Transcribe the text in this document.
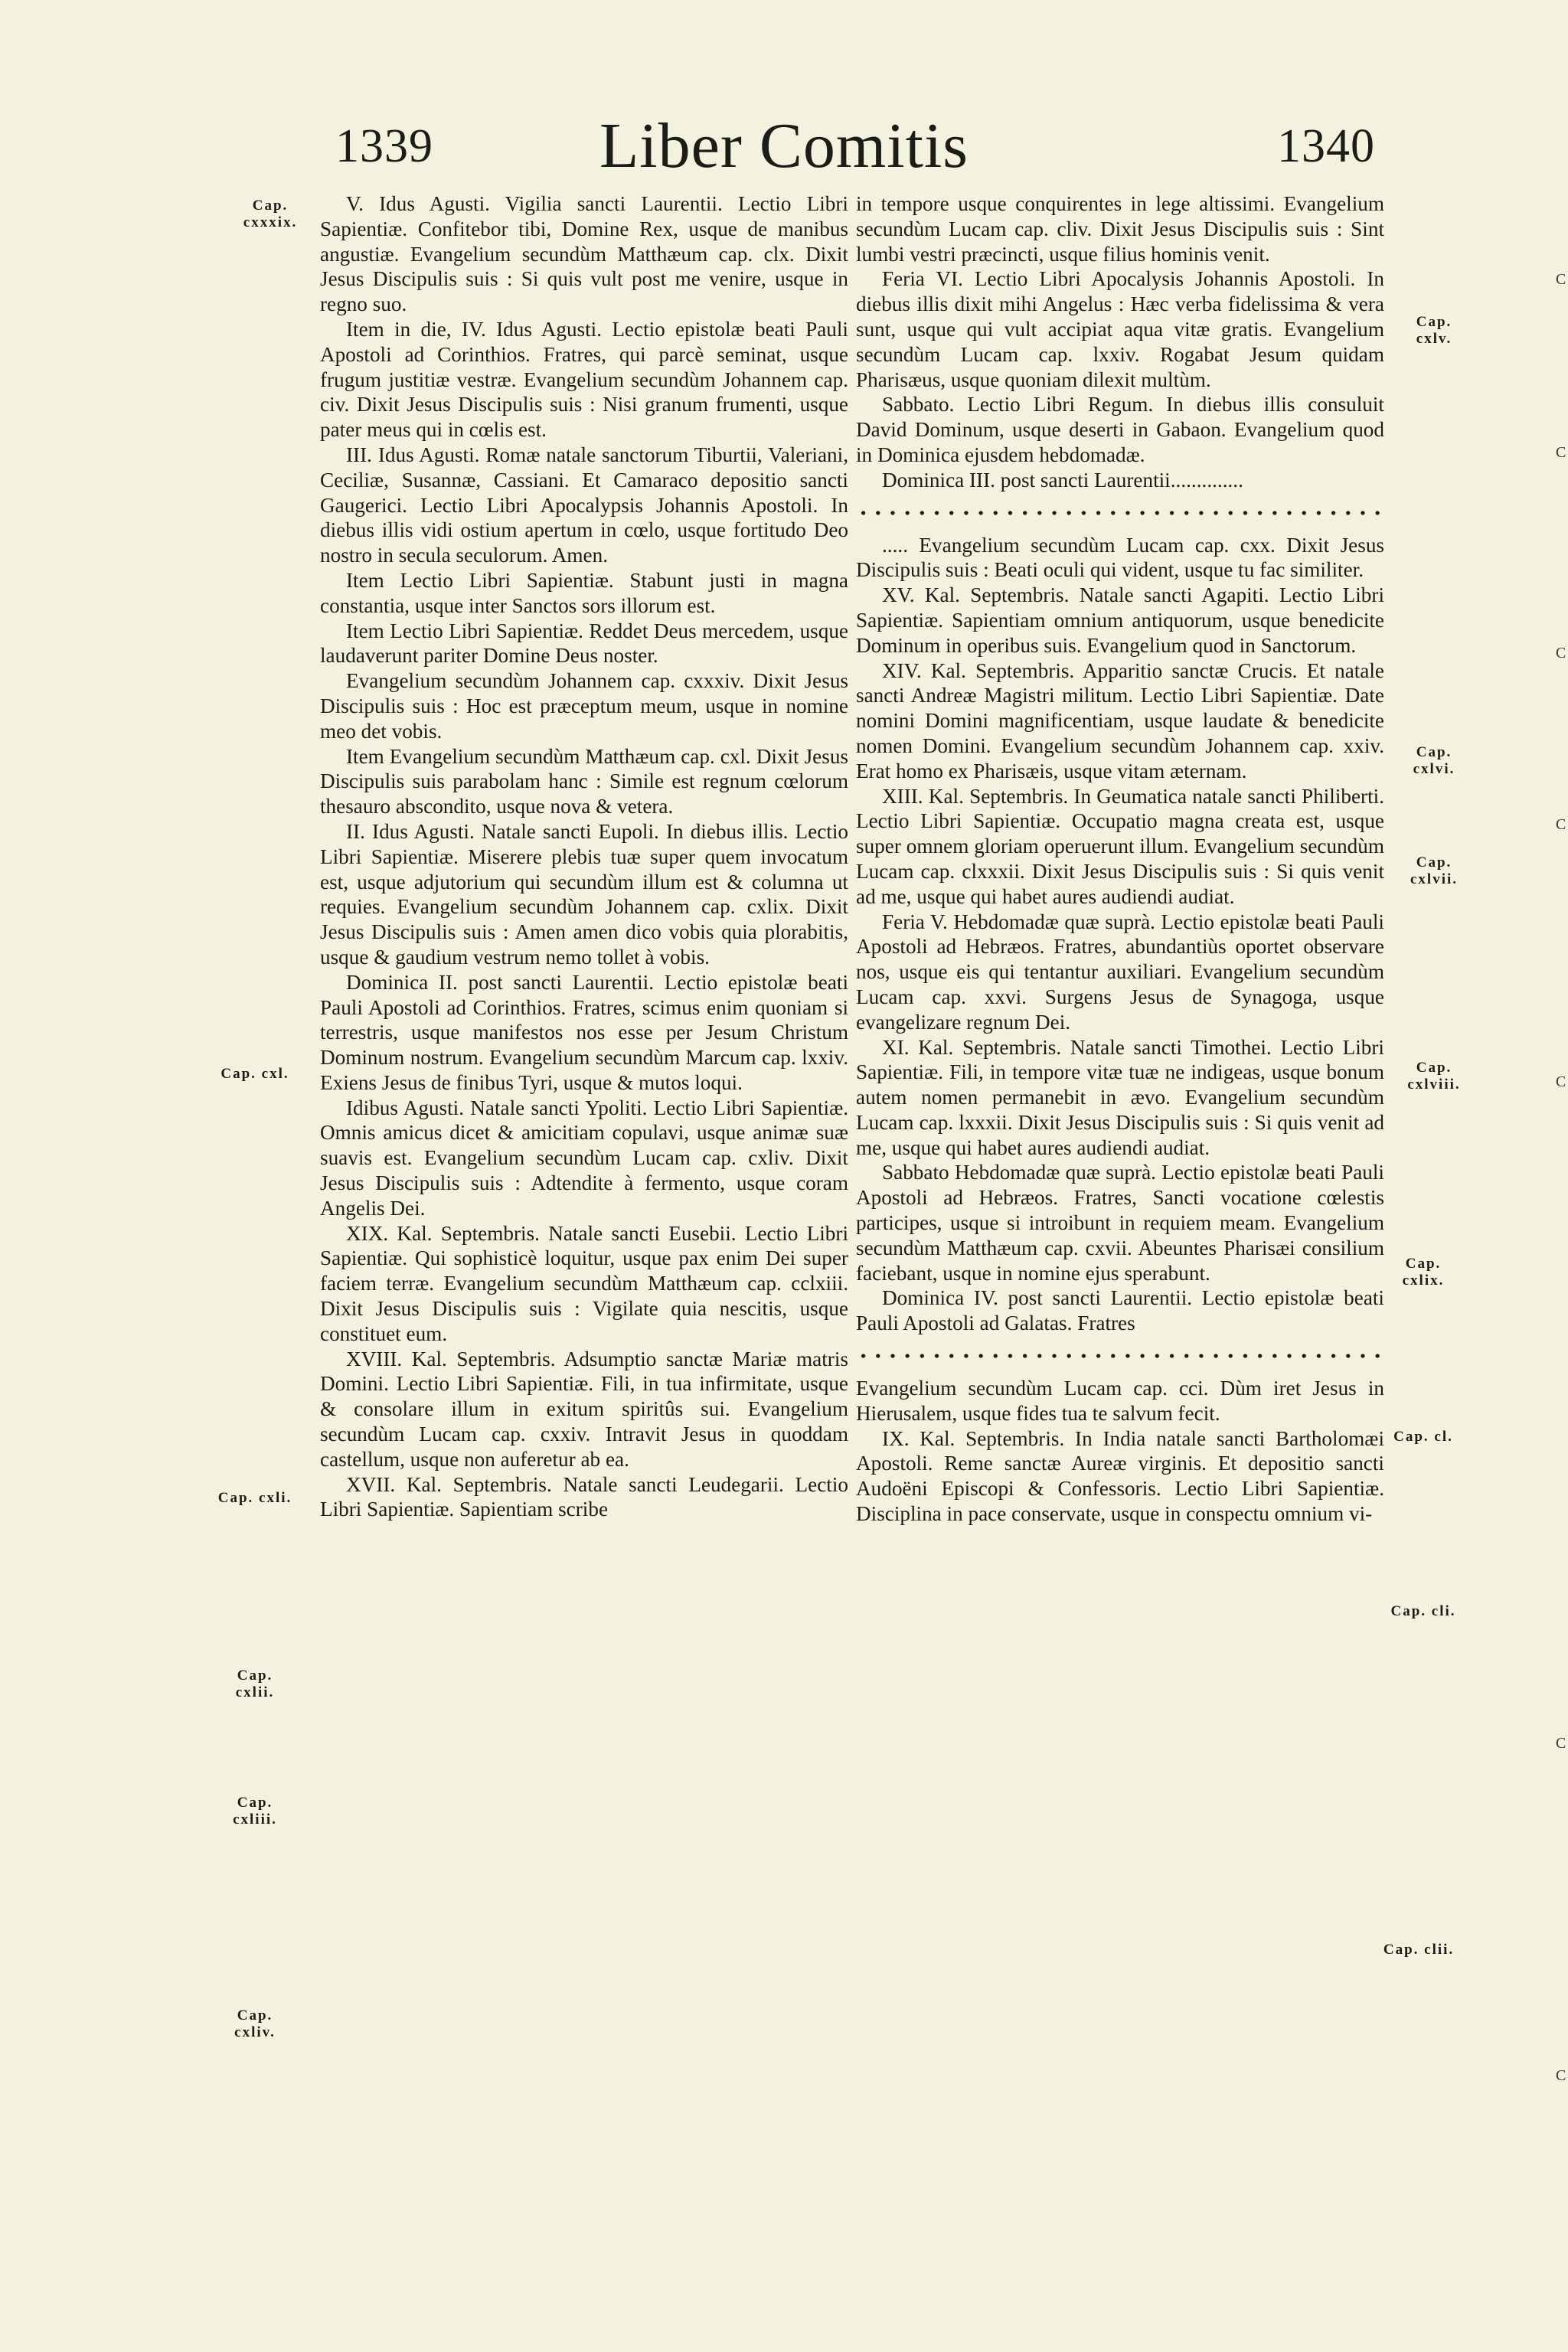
1339	Liber Comitis	1340

V. Idus Agusti. Vigilia sancti Laurentii. Lectio Libri Sapientiæ. Confitebor tibi, Domine Rex, usque de manibus angustiæ. Evangelium secundùm Matthæum cap. clx. Dixit Jesus Discipulis suis : Si quis vult post me venire, usque in regno suo.

Item in die, IV. Idus Agusti. Lectio epistolæ beati Pauli Apostoli ad Corinthios. Fratres, qui parcè seminat, usque frugum justitiæ vestræ. Evangelium secundùm Johannem cap. civ. Dixit Jesus Discipulis suis : Nisi granum frumenti, usque pater meus qui in cœlis est.

III. Idus Agusti. Romæ natale sanctorum Tiburtii, Valeriani, Ceciliæ, Susannæ, Cassiani. Et Camaraco depositio sancti Gaugerici. Lectio Libri Apocalypsis Johannis Apostoli. In diebus illis vidi ostium apertum in cœlo, usque fortitudo Deo nostro in secula seculorum. Amen.

Item Lectio Libri Sapientiæ. Stabunt justi in magna constantia, usque inter Sanctos sors illorum est.

Item Lectio Libri Sapientiæ. Reddet Deus mercedem, usque laudaverunt pariter Domine Deus noster.

Evangelium secundùm Johannem cap. cxxxiv. Dixit Jesus Discipulis suis : Hoc est præceptum meum, usque in nomine meo det vobis.

Item Evangelium secundùm Matthæum cap. cxl. Dixit Jesus Discipulis suis parabolam hanc : Simile est regnum cœlorum thesauro abscondito, usque nova & vetera.

II. Idus Agusti. Natale sancti Eupoli. In diebus illis. Lectio Libri Sapientiæ. Miserere plebis tuæ super quem invocatum est, usque adjutorium qui secundùm illum est & columna ut requies. Evangelium secundùm Johannem cap. cxlix. Dixit Jesus Discipulis suis : Amen amen dico vobis quia plorabitis, usque & gaudium vestrum nemo tollet à vobis.

Dominica II. post sancti Laurentii. Lectio epistolæ beati Pauli Apostoli ad Corinthios. Fratres, scimus enim quoniam si terrestris, usque manifestos nos esse per Jesum Christum Dominum nostrum. Evangelium secundùm Marcum cap. lxxiv. Exiens Jesus de finibus Tyri, usque & mutos loqui.

Idibus Agusti. Natale sancti Ypoliti. Lectio Libri Sapientiæ. Omnis amicus dicet & amicitiam copulavi, usque animæ suæ suavis est. Evangelium secundùm Lucam cap. cxliv. Dixit Jesus Discipulis suis : Adtendite à fermento, usque coram Angelis Dei.

XIX. Kal. Septembris. Natale sancti Eusebii. Lectio Libri Sapientiæ. Qui sophisticè loquitur, usque pax enim Dei super faciem terræ. Evangelium secundùm Matthæum cap. cclxiii. Dixit Jesus Discipulis suis : Vigilate quia nescitis, usque constituet eum.

XVIII. Kal. Septembris. Adsumptio sanctæ Mariæ matris Domini. Lectio Libri Sapientiæ. Fili, in tua infirmitate, usque & consolare illum in exitum spiritûs sui. Evangelium secundùm Lucam cap. cxxiv. Intravit Jesus in quoddam castellum, usque non auferetur ab ea.

XVII. Kal. Septembris. Natale sancti Leudegarii. Lectio Libri Sapientiæ. Sapientiam scribe

in tempore usque conquirentes in lege altissimi. Evangelium secundùm Lucam cap. cliv. Dixit Jesus Discipulis suis : Sint lumbi vestri præcincti, usque filius hominis venit.

Feria VI. Lectio Libri Apocalysis Johannis Apostoli. In diebus illis dixit mihi Angelus : Hæc verba fidelissima & vera sunt, usque qui vult accipiat aqua vitæ gratis. Evangelium secundùm Lucam cap. lxxiv. Rogabat Jesum quidam Pharisæus, usque quoniam dilexit multùm.

Sabbato. Lectio Libri Regum. In diebus illis consuluit David Dominum, usque deserti in Gabaon. Evangelium quod in Dominica ejusdem hebdomadæ.

Dominica III. post sancti Laurentii..............

..... Evangelium secundùm Lucam cap. cxx. Dixit Jesus Discipulis suis : Beati oculi qui vident, usque tu fac similiter.

XV. Kal. Septembris. Natale sancti Agapiti. Lectio Libri Sapientiæ. Sapientiam omnium antiquorum, usque benedicite Dominum in operibus suis. Evangelium quod in Sanctorum.

XIV. Kal. Septembris. Apparitio sanctæ Crucis. Et natale sancti Andreæ Magistri militum. Lectio Libri Sapientiæ. Date nomini Domini magnificentiam, usque laudate & benedicite nomen Domini. Evangelium secundùm Johannem cap. xxiv. Erat homo ex Pharisæis, usque vitam æternam.

XIII. Kal. Septembris. In Geumatica natale sancti Philiberti. Lectio Libri Sapientiæ. Occupatio magna creata est, usque super omnem gloriam operuerunt illum. Evangelium secundùm Lucam cap. clxxxii. Dixit Jesus Discipulis suis : Si quis venit ad me, usque qui habet aures audiendi audiat.

Feria V. Hebdomadæ quæ suprà. Lectio epistolæ beati Pauli Apostoli ad Hebræos. Fratres, abundantiùs oportet observare nos, usque eis qui tentantur auxiliari. Evangelium secundùm Lucam cap. xxvi. Surgens Jesus de Synagoga, usque evangelizare regnum Dei.

XI. Kal. Septembris. Natale sancti Timothei. Lectio Libri Sapientiæ. Fili, in tempore vitæ tuæ ne indigeas, usque bonum autem nomen permanebit in ævo. Evangelium secundùm Lucam cap. lxxxii. Dixit Jesus Discipulis suis : Si quis venit ad me, usque qui habet aures audiendi audiat.

Sabbato Hebdomadæ quæ suprà. Lectio epistolæ beati Pauli Apostoli ad Hebræos. Fratres, Sancti vocatione cœlestis participes, usque si introibunt in requiem meam. Evangelium secundùm Matthæum cap. cxvii. Abeuntes Pharisæi consilium faciebant, usque in nomine ejus sperabunt.

Dominica IV. post sancti Laurentii. Lectio epistolæ beati Pauli Apostoli ad Galatas. Fratres

Evangelium secundùm Lucam cap. cci. Dùm iret Jesus in Hierusalem, usque fides tua te salvum fecit.

IX. Kal. Septembris. In India natale sancti Bartholomæi Apostoli. Reme sanctæ Aureæ virginis. Et depositio sancti Audoëni Episcopi & Confessoris. Lectio Libri Sapientiæ. Disciplina in pace conservate, usque in conspectu omnium vi-

Cap.
cxxxix.
Cap. cxl.
Cap. cxli.
Cap.
cxlii.
Cap.
cxliii.
Cap.
cxliv.
Cap.
cxlv.
Cap.
cxlvi.
Cap.
cxlvii.
Cap.
cxlviii.
Cap.
cxlix.
Cap. cl.
Cap. cli.
Cap. clii.
C
C
C
C
C
C
C
